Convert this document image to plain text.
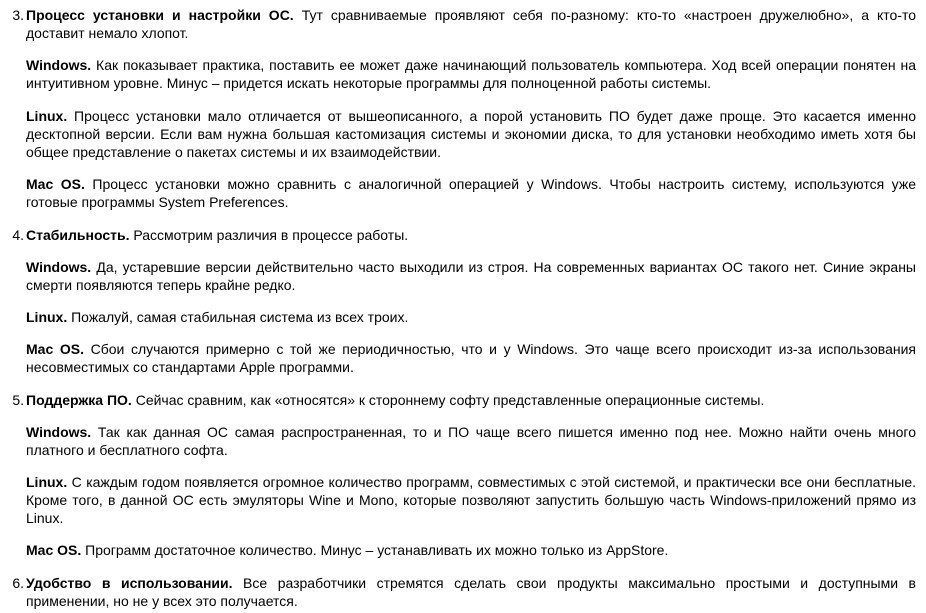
3. Процесс установки и настройки ОС. Тут сравниваемые проявляют себя по-разному: кто-то «настроен дружелюбно», а кто-то доставит немало хлопот.
Windows. Как показывает практика, поставить ее может даже начинающий пользователь компьютера. Ход всей операции понятен на интуитивном уровне. Минус – придется искать некоторые программы для полноценной работы системы.
Linux. Процесс установки мало отличается от вышеописанного, а порой установить ПО будет даже проще. Это касается именно десктопной версии. Если вам нужна большая кастомизация системы и экономии диска, то для установки необходимо иметь хотя бы общее представление о пакетах системы и их взаимодействии.
Mac OS. Процесс установки можно сравнить с аналогичной операцией у Windows. Чтобы настроить систему, используются уже готовые программы System Preferences.
4. Стабильность. Рассмотрим различия в процессе работы.
Windows. Да, устаревшие версии действительно часто выходили из строя. На современных вариантах ОС такого нет. Синие экраны смерти появляются теперь крайне редко.
Linux. Пожалуй, самая стабильная система из всех троих.
Mac OS. Сбои случаются примерно с той же периодичностью, что и у Windows. Это чаще всего происходит из-за использования несовместимых со стандартами Apple программи.
5. Поддержка ПО. Сейчас сравним, как «относятся» к стороннему софту представленные операционные системы.
Windows. Так как данная ОС самая распространенная, то и ПО чаще всего пишется именно под нее. Можно найти очень много платного и бесплатного софта.
Linux. С каждым годом появляется огромное количество программ, совместимых с этой системой, и практически все они бесплатные. Кроме того, в данной ОС есть эмуляторы Wine и Mono, которые позволяют запустить большую часть Windows-приложений прямо из Linux.
Mac OS. Программ достаточное количество. Минус – устанавливать их можно только из AppStore.
6. Удобство в использовании. Все разработчики стремятся сделать свои продукты максимально простыми и доступными в применении, но не у всех это получается.
